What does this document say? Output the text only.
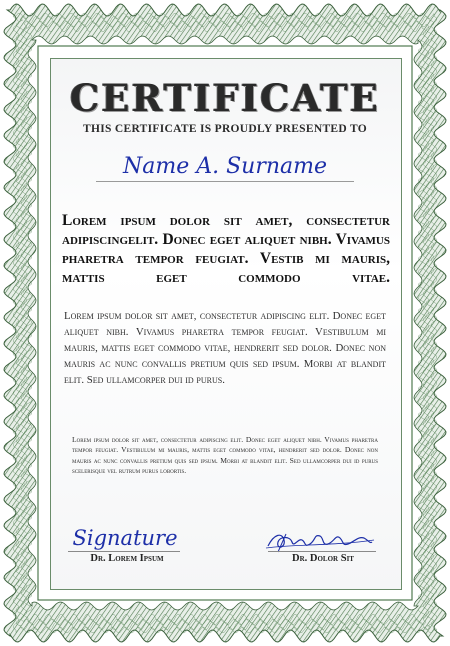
CERTIFICATE
THIS CERTIFICATE IS PROUDLY PRESENTED TO
Name A. Surname
Lorem ipsum dolor sit amet, consectetur adipiscingelit. Donec eget aliquet nibh. Vivamus pharetra tempor feugiat. Vestib mi mauris, mattis eget commodo vitae.
Lorem ipsum dolor sit amet, consectetur adipiscing elit. Donec eget aliquet nibh. Vivamus pharetra tempor feugiat. Vestibulum mi mauris, mattis eget commodo vitae, hendrerit sed dolor. Donec non mauris ac nunc convallis pretium quis sed ipsum. Morbi at blandit elit. Sed ullamcorper dui id purus.
Lorem ipsum dolor sit amet, consectetur adipiscing elit. Donec eget aliquet nibh. Vivamus pharetra tempor feugiat. Vestibulum mi mauris, mattis eget commodo vitae, hendrerit sed dolor. Donec non mauris ac nunc convallis pretium quis sed ipsum. Morbi at blandit elit. Sed ullamcorper dui id purus scelerisque vel rutrum purus lobortis.
Signature
Dr. Lorem Ipsum	Dr. Dolor Sit
